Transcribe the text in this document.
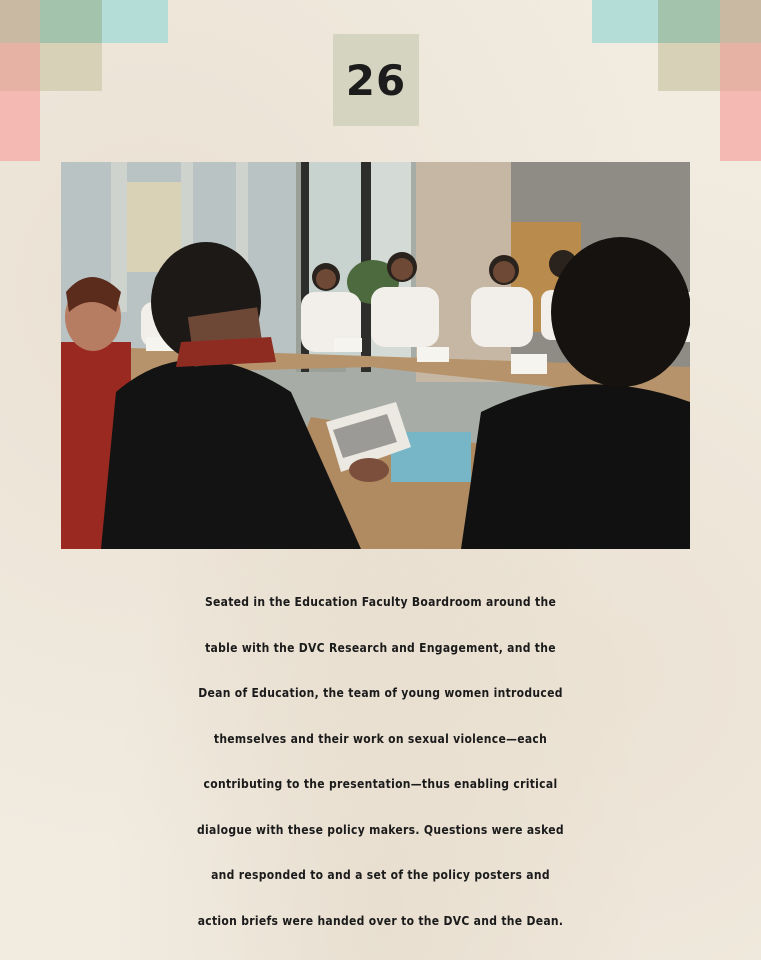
26
Seated in the Education Faculty Boardroom around the
table with the DVC Research and Engagement, and the
Dean of Education, the team of young women introduced
themselves and their work on sexual violence—each
contributing to the presentation—thus enabling critical
dialogue with these policy makers. Questions were asked
and responded to and a set of the policy posters and
action briefs were handed over to the DVC and the Dean.
